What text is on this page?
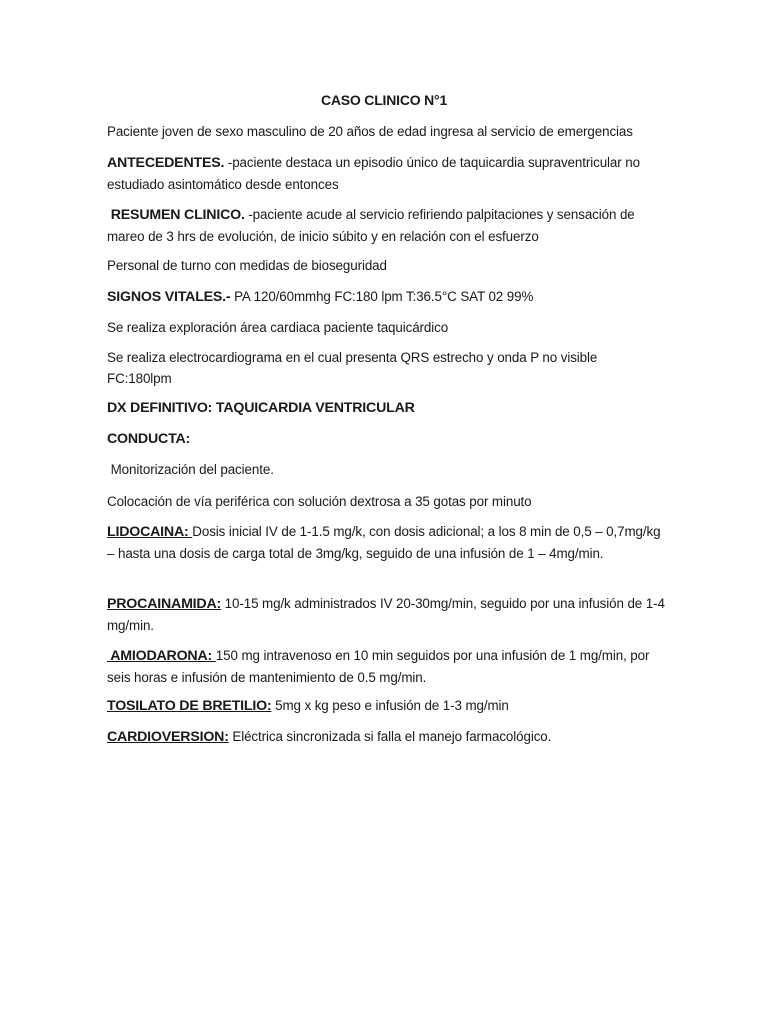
CASO CLINICO N°1
Paciente joven de sexo masculino de 20 años de edad ingresa al servicio de emergencias
ANTECEDENTES. -paciente destaca un episodio único de taquicardia supraventricular no estudiado asintomático desde entonces
RESUMEN CLINICO. -paciente acude al servicio refiriendo palpitaciones y sensación de mareo de 3 hrs de evolución, de inicio súbito y en relación con el esfuerzo
Personal de turno con medidas de bioseguridad
SIGNOS VITALES.- PA 120/60mmhg FC:180 lpm T:36.5°C SAT 02 99%
Se realiza exploración área cardiaca paciente taquicárdico
Se realiza electrocardiograma en el cual presenta QRS estrecho y onda P no visible FC:180lpm
DX DEFINITIVO: TAQUICARDIA VENTRICULAR
CONDUCTA:
Monitorización del paciente.
Colocación de vía periférica con solución dextrosa a 35 gotas por minuto
LIDOCAINA: Dosis inicial IV de 1-1.5 mg/k, con dosis adicional; a los 8 min de 0,5 – 0,7mg/kg – hasta una dosis de carga total de 3mg/kg, seguido de una infusión de 1 – 4mg/min.
PROCAINAMIDA: 10-15 mg/k administrados IV 20-30mg/min, seguido por una infusión de 1-4 mg/min.
AMIODARONA: 150 mg intravenoso en 10 min seguidos por una infusión de 1 mg/min, por seis horas e infusión de mantenimiento de 0.5 mg/min.
TOSILATO DE BRETILIO: 5mg x kg peso e infusión de 1-3 mg/min
CARDIOVERSION: Eléctrica sincronizada si falla el manejo farmacológico.
